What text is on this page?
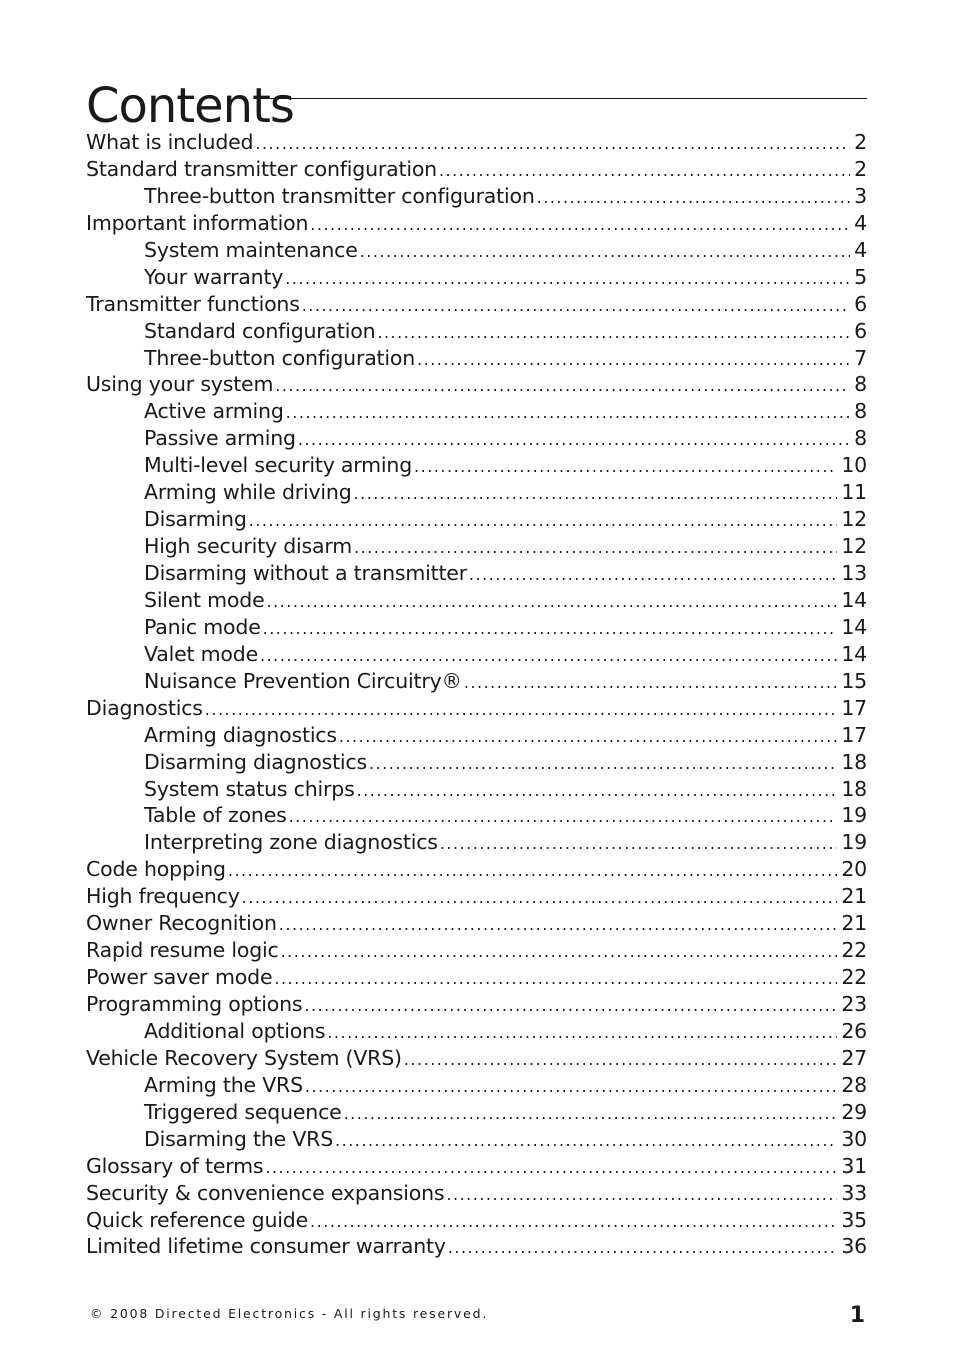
Contents
What is included .....	2
Standard transmitter configuration .....	2
Three-button transmitter configuration .....	3
Important information .....	4
System maintenance .....	4
Your warranty .....	5
Transmitter functions .....	6
Standard configuration .....	6
Three-button configuration .....	7
Using your system .....	8
Active arming .....	8
Passive arming .....	8
Multi-level security arming .....	10
Arming while driving .....	11
Disarming .....	12
High security disarm .....	12
Disarming without a transmitter .....	13
Silent mode .....	14
Panic mode .....	14
Valet mode .....	14
Nuisance Prevention Circuitry® .....	15
Diagnostics .....	17
Arming diagnostics .....	17
Disarming diagnostics .....	18
System status chirps .....	18
Table of zones .....	19
Interpreting zone diagnostics .....	19
Code hopping .....	20
High frequency .....	21
Owner Recognition .....	21
Rapid resume logic .....	22
Power saver mode .....	22
Programming options .....	23
Additional options .....	26
Vehicle Recovery System (VRS) .....	27
Arming the VRS .....	28
Triggered sequence .....	29
Disarming the VRS .....	30
Glossary of terms .....	31
Security & convenience expansions .....	33
Quick reference guide .....	35
Limited lifetime consumer warranty .....	36
© 2008 Directed Electronics - All rights reserved.	1
